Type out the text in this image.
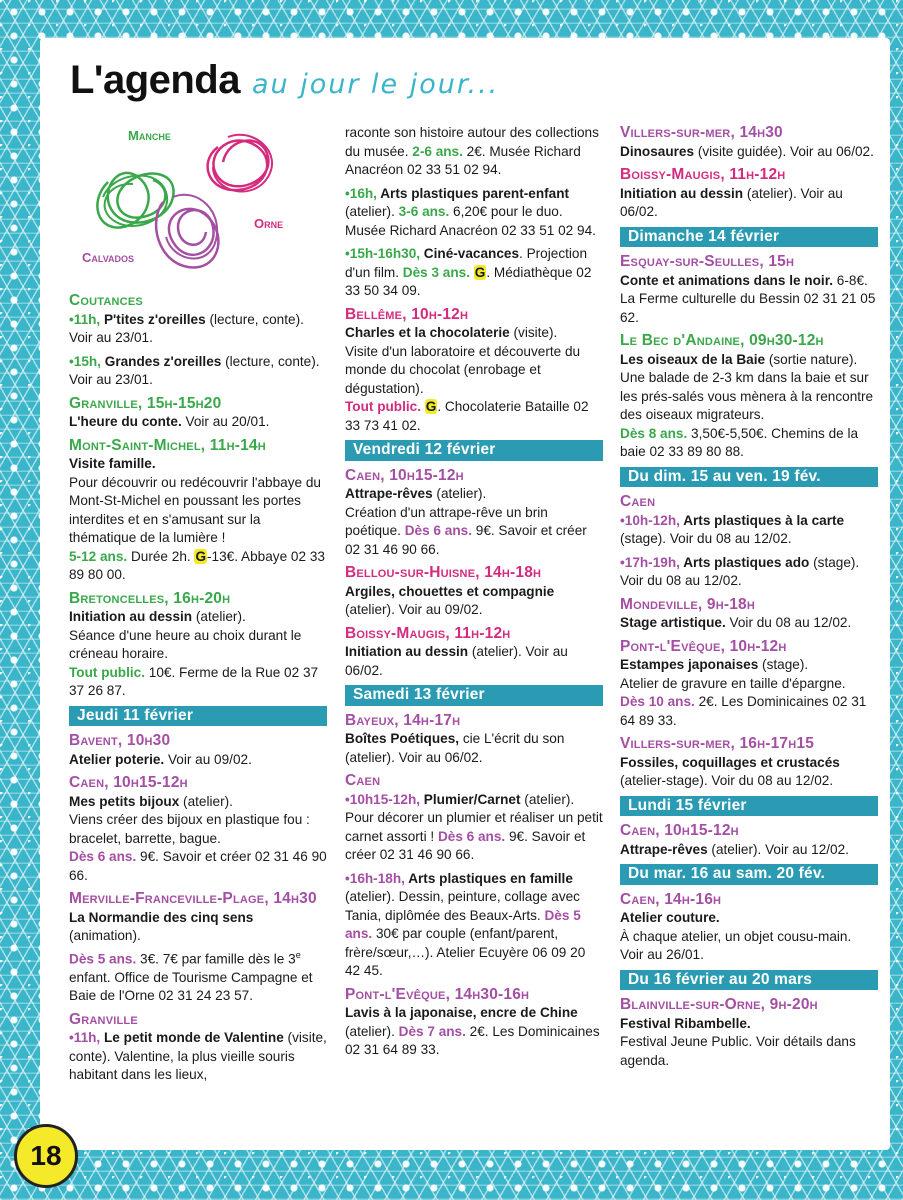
L'agenda au jour le jour...
Manche
Orne
Calvados
Coutances

•11h, P'tites z'oreilles (lecture, conte). Voir au 23/01.

•15h, Grandes z'oreilles (lecture, conte). Voir au 23/01.

Granville, 15h-15h20

L'heure du conte. Voir au 20/01.

Mont-Saint-Michel, 11h-14h

Visite famille.
Pour découvrir ou redécouvrir l'abbaye du Mont-St-Michel en poussant les portes interdites et en s'amusant sur la thématique de la lumière !
5-12 ans. Durée 2h. G-13€. Abbaye 02 33 89 80 00.

Bretoncelles, 16h-20h

Initiation au dessin (atelier).
Séance d'une heure au choix durant le créneau horaire.
Tout public. 10€. Ferme de la Rue 02 37 37 26 87.

Jeudi 11 février
Bavent, 10h30

Atelier poterie. Voir au 09/02.

Caen, 10h15-12h

Mes petits bijoux (atelier).
Viens créer des bijoux en plastique fou : bracelet, barrette, bague.
Dès 6 ans. 9€. Savoir et créer 02 31 46 90 66.

Merville-Franceville-Plage, 14h30

La Normandie des cinq sens (animation).
Dès 5 ans. 3€. 7€ par famille dès le 3e enfant. Office de Tourisme Campagne et Baie de l'Orne 02 31 24 23 57.

Granville

•11h, Le petit monde de Valentine (visite, conte). Valentine, la plus vieille souris habitant dans les lieux,

raconte son histoire autour des collections du musée. 2-6 ans. 2€. Musée Richard Anacréon 02 33 51 02 94.

•16h, Arts plastiques parent-enfant (atelier). 3-6 ans. 6,20€ pour le duo. Musée Richard Anacréon 02 33 51 02 94.

•15h-16h30, Ciné-vacances. Projection d'un film. Dès 3 ans. G. Médiathèque 02 33 50 34 09.

Bellême, 10h-12h

Charles et la chocolaterie (visite).
Visite d'un laboratoire et découverte du monde du chocolat (enrobage et dégustation).
Tout public. G. Chocolaterie Bataille 02 33 73 41 02.

Vendredi 12 février
Caen, 10h15-12h

Attrape-rêves (atelier).
Création d'un attrape-rêve un brin poétique. Dès 6 ans. 9€. Savoir et créer 02 31 46 90 66.

Bellou-sur-Huisne, 14h-18h

Argiles, chouettes et compagnie (atelier). Voir au 09/02.

Boissy-Maugis, 11h-12h

Initiation au dessin (atelier). Voir au 06/02.

Samedi 13 février
Bayeux, 14h-17h

Boîtes Poétiques, cie L'écrit du son (atelier). Voir au 06/02.

Caen

•10h15-12h, Plumier/Carnet (atelier). Pour décorer un plumier et réaliser un petit carnet assorti ! Dès 6 ans. 9€. Savoir et créer 02 31 46 90 66.

•16h-18h, Arts plastiques en famille (atelier). Dessin, peinture, collage avec Tania, diplômée des Beaux-Arts. Dès 5 ans. 30€ par couple (enfant/parent, frère/sœur,…). Atelier Ecuyère 06 09 20 42 45.

Pont-l'Evêque, 14h30-16h

Lavis à la japonaise, encre de Chine (atelier). Dès 7 ans. 2€. Les Dominicaines 02 31 64 89 33.

Villers-sur-mer, 14h30

Dinosaures (visite guidée). Voir au 06/02.

Boissy-Maugis, 11h-12h

Initiation au dessin (atelier). Voir au 06/02.

Dimanche 14 février
Esquay-sur-Seulles, 15h

Conte et animations dans le noir. 6-8€. La Ferme culturelle du Bessin 02 31 21 05 62.

Le Bec d'Andaine, 09h30-12h

Les oiseaux de la Baie (sortie nature). Une balade de 2-3 km dans la baie et sur les prés-salés vous mènera à la rencontre des oiseaux migrateurs.
Dès 8 ans. 3,50€-5,50€. Chemins de la baie 02 33 89 80 88.

Du dim. 15 au ven. 19 fév.
Caen

•10h-12h, Arts plastiques à la carte (stage). Voir du 08 au 12/02.

•17h-19h, Arts plastiques ado (stage). Voir du 08 au 12/02.

Mondeville, 9h-18h

Stage artistique. Voir du 08 au 12/02.

Pont-l'Evêque, 10h-12h

Estampes japonaises (stage).
Atelier de gravure en taille d'épargne.
Dès 10 ans. 2€. Les Dominicaines 02 31 64 89 33.

Villers-sur-mer, 16h-17h15

Fossiles, coquillages et crustacés (atelier-stage). Voir du 08 au 12/02.

Lundi 15 février
Caen, 10h15-12h

Attrape-rêves (atelier). Voir au 12/02.

Du mar. 16 au sam. 20 fév.
Caen, 14h-16h

Atelier couture.
À chaque atelier, un objet cousu-main. Voir au 26/01.

Du 16 février au 20 mars
Blainville-sur-Orne, 9h-20h

Festival Ribambelle.
Festival Jeune Public. Voir détails dans agenda.

18
